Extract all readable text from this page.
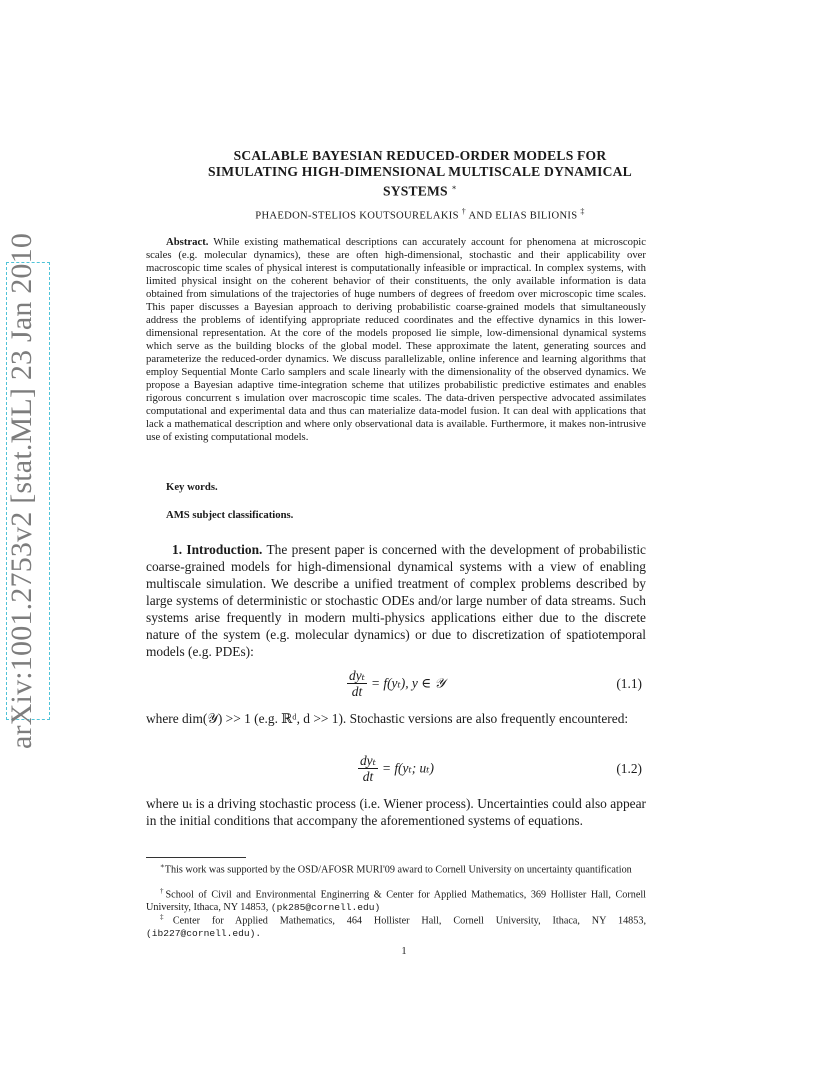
arXiv:1001.2753v2 [stat.ML] 23 Jan 2010
SCALABLE BAYESIAN REDUCED-ORDER MODELS FOR
SIMULATING HIGH-DIMENSIONAL MULTISCALE DYNAMICAL
SYSTEMS ∗
PHAEDON-STELIOS KOUTSOURELAKIS † AND ELIAS BILIONIS ‡

Abstract. While existing mathematical descriptions can accurately account for phenomena at microscopic scales (e.g. molecular dynamics), these are often high-dimensional, stochastic and their applicability over macroscopic time scales of physical interest is computationally infeasible or impractical. In complex systems, with limited physical insight on the coherent behavior of their constituents, the only available information is data obtained from simulations of the trajectories of huge numbers of degrees of freedom over microscopic time scales. This paper discusses a Bayesian approach to deriving probabilistic coarse-grained models that simultaneously address the problems of identifying appropriate reduced coordinates and the effective dynamics in this lower-dimensional representation. At the core of the models proposed lie simple, low-dimensional dynamical systems which serve as the building blocks of the global model. These approximate the latent, generating sources and parameterize the reduced-order dynamics. We discuss parallelizable, online inference and learning algorithms that employ Sequential Monte Carlo samplers and scale linearly with the dimensionality of the observed dynamics. We propose a Bayesian adaptive time-integration scheme that utilizes probabilistic predictive estimates and enables rigorous concurrent s imulation over macroscopic time scales. The data-driven perspective advocated assimilates computational and experimental data and thus can materialize data-model fusion. It can deal with applications that lack a mathematical description and where only observational data is available. Furthermore, it makes non-intrusive use of existing computational models.

Key words.
AMS subject classifications.

1. Introduction. The present paper is concerned with the development of probabilistic coarse-grained models for high-dimensional dynamical systems with a view of enabling multiscale simulation. We describe a unified treatment of complex problems described by large systems of deterministic or stochastic ODEs and/or large number of data streams. Such systems arise frequently in modern multi-physics applications either due to the discrete nature of the system (e.g. molecular dynamics) or due to discretization of spatiotemporal models (e.g. PDEs):

$\frac{\text{dyₜ}}{dt} = f(y_t)$, y ∈ 𝒴	(1.1)

where dim(𝒴) >> 1 (e.g. ℝᵈ, d >> 1). Stochastic versions are also frequently encountered:

$\frac{\text{dyₜ}}{dt} = f(y_t$; uₜ)	(1.2)

where uₜ is a driving stochastic process (i.e. Wiener process). Uncertainties could also appear in the initial conditions that accompany the aforementioned systems of equations.

∗This work was supported by the OSD/AFOSR MURI'09 award to Cornell University on uncertainty quantification

†School of Civil and Environmental Enginerring & Center for Applied Mathematics, 369 Hollister Hall, Cornell University, Ithaca, NY 14853, (pk285@cornell.edu)

‡Center for Applied Mathematics, 464 Hollister Hall, Cornell University, Ithaca, NY 14853, (ib227@cornell.edu).

1
